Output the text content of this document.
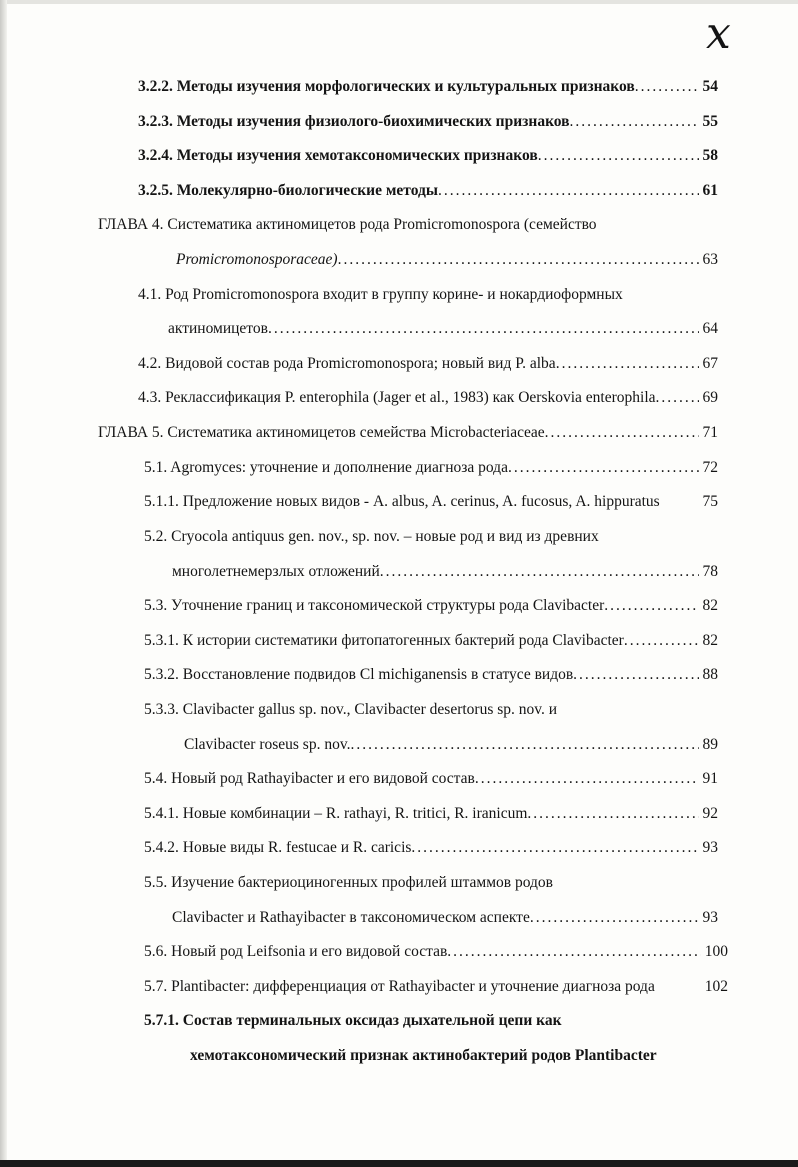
х
3.2.2. Методы изучения морфологических и культуральных признаков .....	54
3.2.3. Методы изучения физиолого-биохимических признаков .....	55
3.2.4. Методы изучения хемотаксономических признаков .....	58
3.2.5. Молекулярно-биологические методы .....	61
ГЛАВА 4. Систематика актиномицетов рода Promicromonospora (семейство
Promicromonosporaceae) .....	63
4.1. Род Promicromonospora входит в группу корине- и нокардиоформных
актиномицетов .....	64
4.2. Видовой состав рода Promicromonospora; новый вид P. alba .....	67
4.3. Реклассификация P. enterophila (Jager et al., 1983) как Oerskovia enterophila .....	69
ГЛАВА 5. Систематика актиномицетов семейства Microbacteriaceae .....	71
5.1. Agromyces: уточнение и дополнение диагноза рода .....	72
5.1.1. Предложение новых видов - A. albus, A. cerinus, A. fucosus, A. hippuratus	75
5.2. Cryocola antiquus gen. nov., sp. nov. – новые род и вид из древних
многолетнемерзлых отложений .....	78
5.3. Уточнение границ и таксономической структуры рода Clavibacter .....	82
5.3.1. К истории систематики фитопатогенных бактерий рода Clavibacter .....	82
5.3.2. Восстановление подвидов Cl michiganensis в статусе видов .....	88
5.3.3. Clavibacter gallus sp. nov., Clavibacter desertorus sp. nov. и
Clavibacter roseus sp. nov. .....	89
5.4. Новый род Rathayibacter и его видовой состав .....	91
5.4.1. Новые комбинации – R. rathayi, R. tritici, R. iranicum .....	92
5.4.2. Новые виды R. festucae и R. caricis .....	93
5.5. Изучение бактериоциногенных профилей штаммов родов
Clavibacter и Rathayibacter в таксономическом аспекте .....	93
5.6. Новый род Leifsonia и его видовой состав .....	100
5.7. Plantibacter: дифференциация от Rathayibacter и уточнение диагноза рода	102
5.7.1. Состав терминальных оксидаз дыхательной цепи как
хемотаксономический признак актинобактерий родов Plantibacter
